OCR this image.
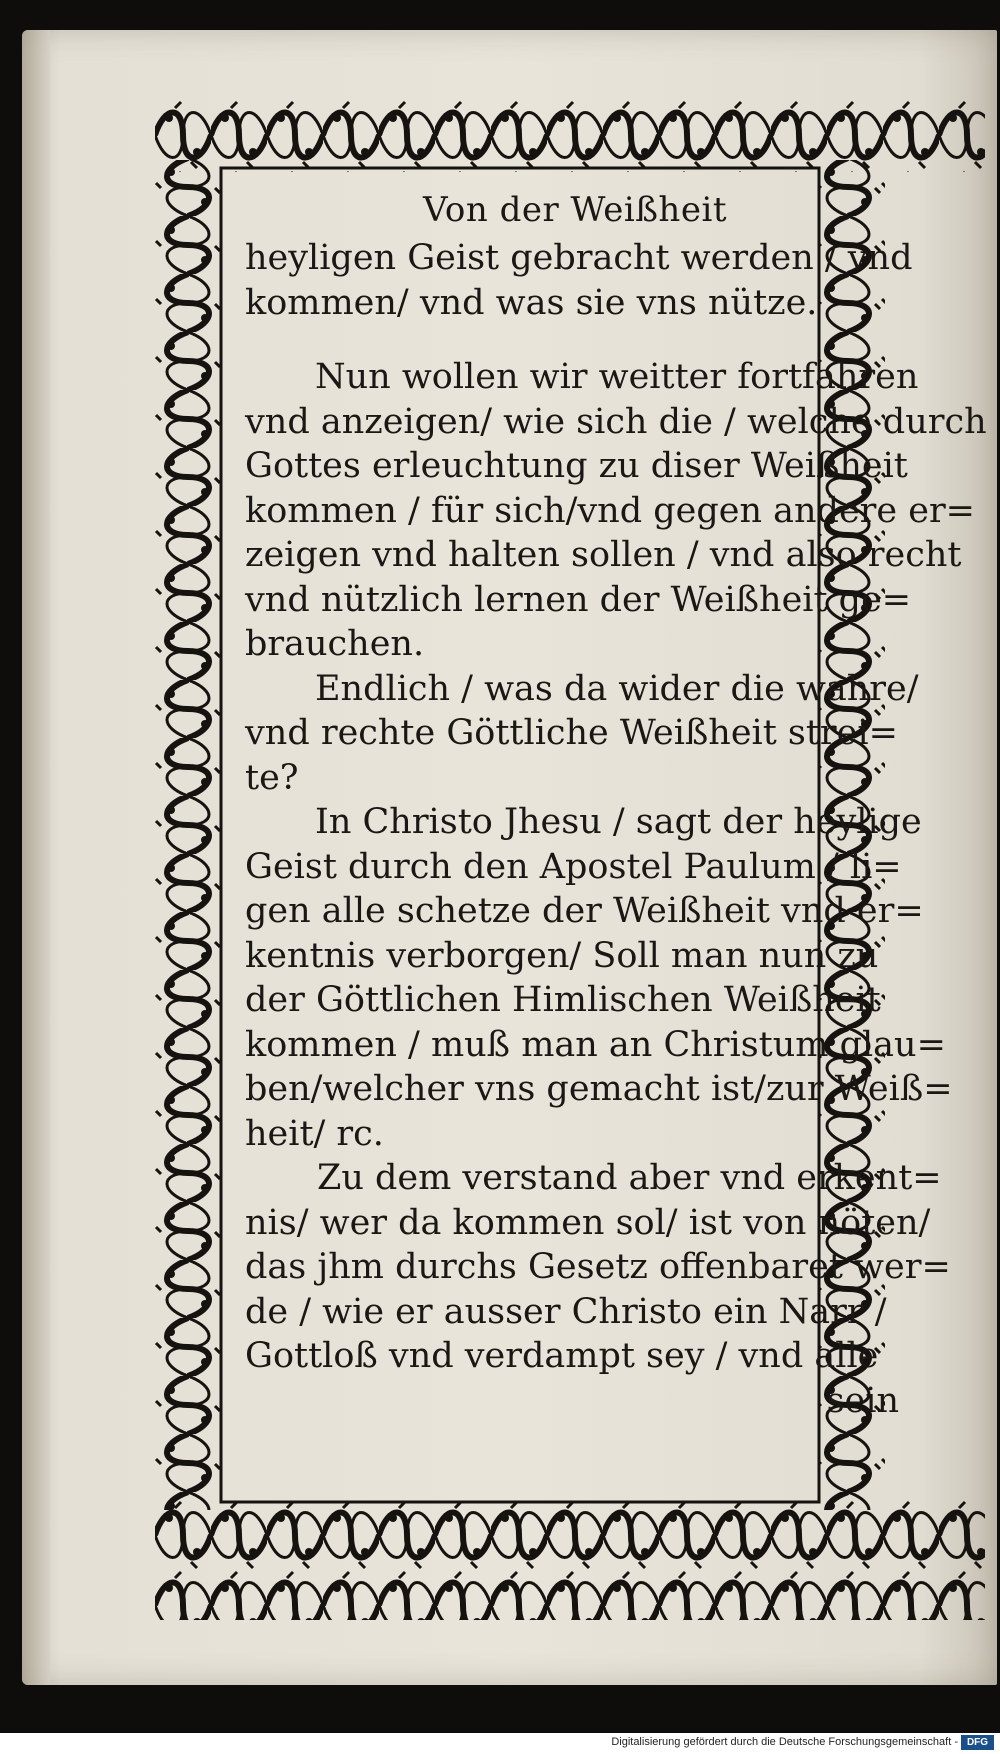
Von der Weißheit
heyligen Geist gebracht werden / vnd
kommen/ vnd was sie vns nütze.
Nun wollen wir weitter fortfahren
vnd anzeigen/ wie sich die / welche durch
Gottes erleuchtung zu diser Weißheit
kommen / für sich/vnd gegen andere er=
zeigen vnd halten sollen / vnd also recht
vnd nützlich lernen der Weißheit ge=
brauchen.
Endlich / was da wider die wahre/
vnd rechte Göttliche Weißheit strei=
te?
In Christo Jhesu / sagt der heylige
Geist durch den Apostel Paulum / li=
gen alle schetze der Weißheit vnd er=
kentnis verborgen/ Soll man nun zu
der Göttlichen Himlischen Weißheit
kommen / muß man an Christum glau=
ben/welcher vns gemacht ist/zur Weiß=
heit/ rc.
Zu dem verstand aber vnd erkent=
nis/ wer da kommen sol/ ist von nöten/
das jhm durchs Gesetz offenbaret wer=
de / wie er ausser Christo ein Narr /
Gottloß vnd verdampt sey / vnd alle
sein
Digitalisierung gefördert durch die Deutsche Forschungsgemeinschaft - DFG
